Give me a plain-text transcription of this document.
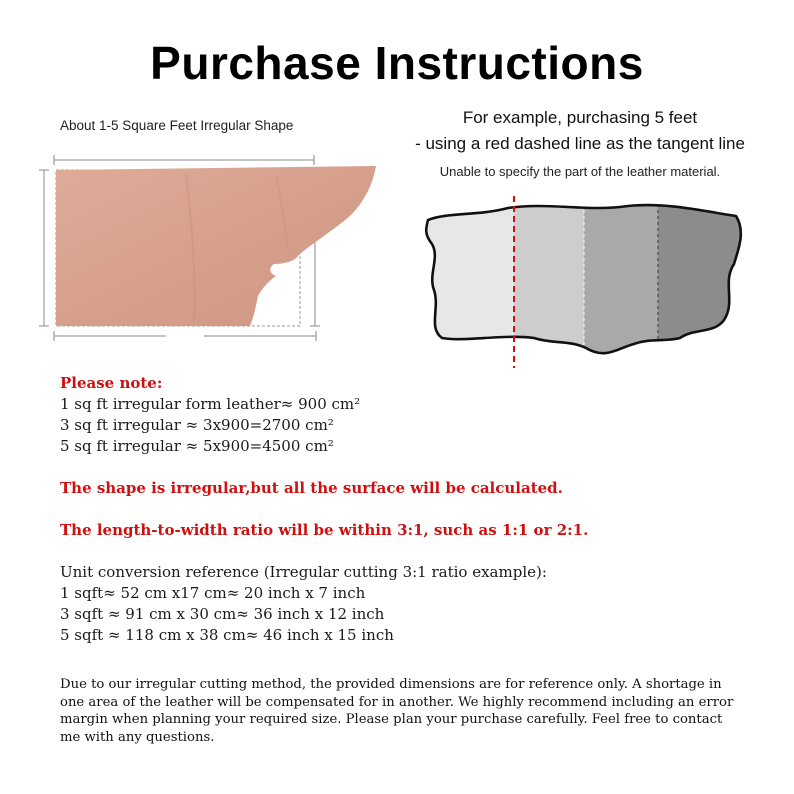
Purchase Instructions
About 1-5 Square Feet Irregular Shape	For example, purchasing 5 feet
- using a red dashed line as the tangent line
Unable to specify the part of the leather material.
Please note:
1 sq ft irregular form leather≈ 900 cm²
3 sq ft irregular ≈ 3x900=2700 cm²
5 sq ft irregular ≈ 5x900=4500 cm²
The shape is irregular,but all the surface will be calculated.
The length-to-width ratio will be within 3:1, such as 1:1 or 2:1.
Unit conversion reference (Irregular cutting 3:1 ratio example):
1 sqft≈ 52 cm x17 cm≈ 20 inch x 7 inch
3 sqft ≈ 91 cm x 30 cm≈ 36 inch x 12 inch
5 sqft ≈ 118 cm x 38 cm≈ 46 inch x 15 inch
Due to our irregular cutting method, the provided dimensions are for reference only. A shortage in
one area of the leather will be compensated for in another. We highly recommend including an error
margin when planning your required size. Please plan your purchase carefully. Feel free to contact
me with any questions.
